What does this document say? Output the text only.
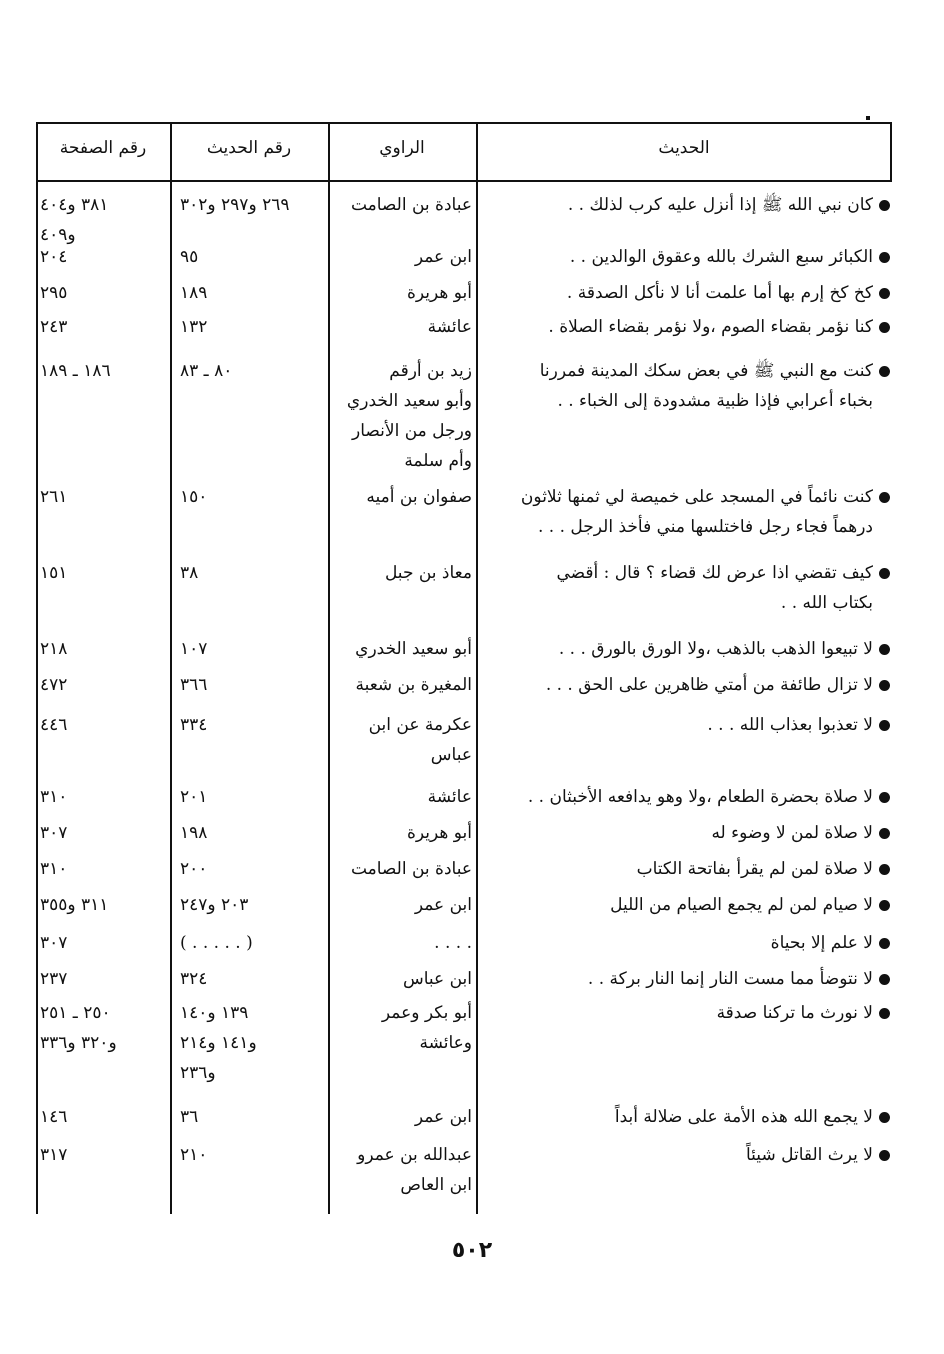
الحديث
الراوي
رقم الحديث
رقم الصفحة
كان نبي الله ﷺ إذا أنزل عليه كرب لذلك . .
عبادة بن الصامت
٢٦٩ و٢٩٧ و٣٠٢
٣٨١ و٤٠٤
و٤٠٩
الكبائر سبع الشرك بالله وعقوق الوالدين . .
ابن عمر
٩٥
٢٠٤
كخ كخ إرم بها أما علمت أنا لا نأكل الصدقة .
أبو هريرة
١٨٩
٢٩٥
كنا نؤمر بقضاء الصوم ،ولا نؤمر بقضاء الصلاة .
عائشة
١٣٢
٢٤٣
كنت مع النبي ﷺ في بعض سكك المدينة فمررنا
بخباء أعرابي فإذا ظبية مشدودة إلى الخباء . .
زيد بن أرقم
وأبو سعيد الخدري
ورجل من الأنصار
وأم سلمة
٨٠ ـ ٨٣
١٨٦ ـ ١٨٩
كنت نائماً في المسجد على خميصة لي ثمنها ثلاثون
درهماً فجاء رجل فاختلسها مني فأخذ الرجل . . .
صفوان بن أميه
١٥٠
٢٦١
كيف تقضي اذا عرض لك قضاء ؟ قال : أقضي
بكتاب الله . .
معاذ بن جبل
٣٨
١٥١
لا تبيعوا الذهب بالذهب ،ولا الورق بالورق . . .
أبو سعيد الخدري
١٠٧
٢١٨
لا تزال طائفة من أمتي ظاهرين على الحق . . .
المغيرة بن شعبة
٣٦٦
٤٧٢
لا تعذبوا بعذاب الله . . .
عكرمة عن ابن
عباس
٣٣٤
٤٤٦
لا صلاة بحضرة الطعام ،ولا وهو يدافعه الأخبثان . .
عائشة
٢٠١
٣١٠
لا صلاة لمن لا وضوء له
أبو هريرة
١٩٨
٣٠٧
لا صلاة لمن لم يقرأ بفاتحة الكتاب
عبادة بن الصامت
٢٠٠
٣١٠
لا صيام لمن لم يجمع الصيام من الليل
ابن عمر
٢٠٣ و٢٤٧
٣١١ و٣٥٥
لا علم إلا بحياة
. . . .
( . . . . . )
٣٠٧
لا نتوضأ مما مست النار إنما النار بركة . .
ابن عباس
٣٢٤
٢٣٧
لا نورث ما تركنا صدقة
أبو بكر وعمر
وعائشة
١٣٩ و١٤٠
و١٤١ و٢١٤
و٢٣٦
٢٥٠ ـ ٢٥١
و٣٢٠ و٣٣٦
لا يجمع الله هذه الأمة على ضلالة أبداً
ابن عمر
٣٦
١٤٦
لا يرث القاتل شيئاً
عبدالله بن عمرو
ابن العاص
٢١٠
٣١٧
٥٠٢
